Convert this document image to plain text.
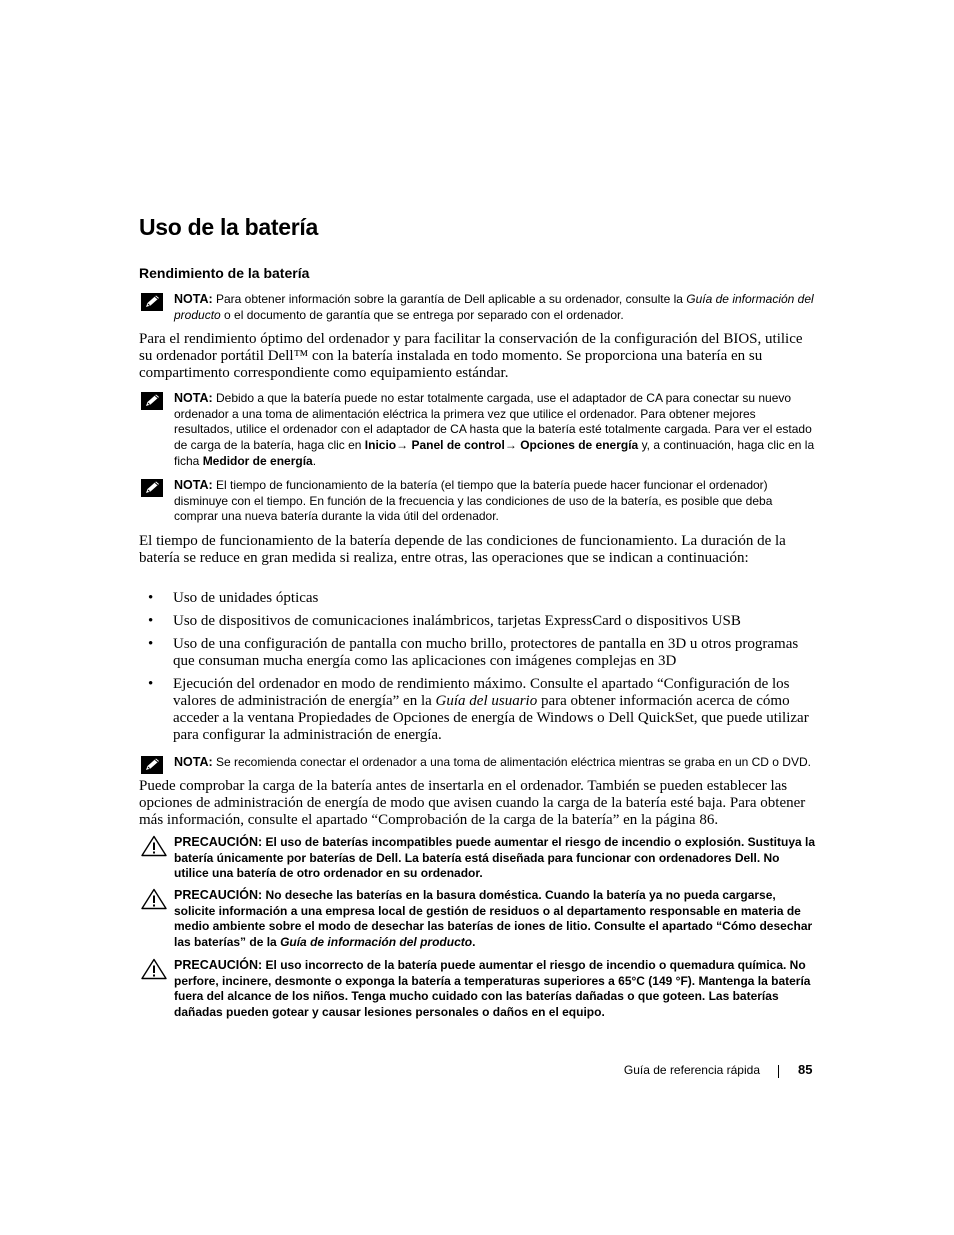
Uso de la batería
Rendimiento de la batería
NOTA: Para obtener información sobre la garantía de Dell aplicable a su ordenador, consulte la Guía de información del producto o el documento de garantía que se entrega por separado con el ordenador.

Para el rendimiento óptimo del ordenador y para facilitar la conservación de la configuración del BIOS, utilice su ordenador portátil Dell™ con la batería instalada en todo momento. Se proporciona una batería en su compartimento correspondiente como equipamiento estándar.

NOTA: Debido a que la batería puede no estar totalmente cargada, use el adaptador de CA para conectar su nuevo ordenador a una toma de alimentación eléctrica la primera vez que utilice el ordenador. Para obtener mejores resultados, utilice el ordenador con el adaptador de CA hasta que la batería esté totalmente cargada. Para ver el estado de carga de la batería, haga clic en Inicio→ Panel de control→ Opciones de energía y, a continuación, haga clic en la ficha Medidor de energía.
NOTA: El tiempo de funcionamiento de la batería (el tiempo que la batería puede hacer funcionar el ordenador) disminuye con el tiempo. En función de la frecuencia y las condiciones de uso de la batería, es posible que deba comprar una nueva batería durante la vida útil del ordenador.

El tiempo de funcionamiento de la batería depende de las condiciones de funcionamiento. La duración de la batería se reduce en gran medida si realiza, entre otras, las operaciones que se indican a continuación:

• Uso de unidades ópticas
• Uso de dispositivos de comunicaciones inalámbricos, tarjetas ExpressCard o dispositivos USB
• Uso de una configuración de pantalla con mucho brillo, protectores de pantalla en 3D u otros programas que consuman mucha energía como las aplicaciones con imágenes complejas en 3D
• Ejecución del ordenador en modo de rendimiento máximo. Consulte el apartado “Configuración de los valores de administración de energía” en la Guía del usuario para obtener información acerca de cómo acceder a la ventana Propiedades de Opciones de energía de Windows o Dell QuickSet, que puede utilizar para configurar la administración de energía.
NOTA: Se recomienda conectar el ordenador a una toma de alimentación eléctrica mientras se graba en un CD o DVD.

Puede comprobar la carga de la batería antes de insertarla en el ordenador. También se pueden establecer las opciones de administración de energía de modo que avisen cuando la carga de la batería esté baja. Para obtener más información, consulte el apartado “Comprobación de la carga de la batería” en la página 86.

PRECAUCIÓN: El uso de baterías incompatibles puede aumentar el riesgo de incendio o explosión. Sustituya la batería únicamente por baterías de Dell. La batería está diseñada para funcionar con ordenadores Dell. No utilice una batería de otro ordenador en su ordenador.
PRECAUCIÓN: No deseche las baterías en la basura doméstica. Cuando la batería ya no pueda cargarse, solicite información a una empresa local de gestión de residuos o al departamento responsable en materia de medio ambiente sobre el modo de desechar las baterías de iones de litio. Consulte el apartado “Cómo desechar las baterías” de la Guía de información del producto.
PRECAUCIÓN: El uso incorrecto de la batería puede aumentar el riesgo de incendio o quemadura química. No perfore, incinere, desmonte o exponga la batería a temperaturas superiores a 65°C (149 °F). Mantenga la batería fuera del alcance de los niños. Tenga mucho cuidado con las baterías dañadas o que goteen. Las baterías dañadas pueden gotear y causar lesiones personales o daños en el equipo.
Guía de referencia rápida	85
